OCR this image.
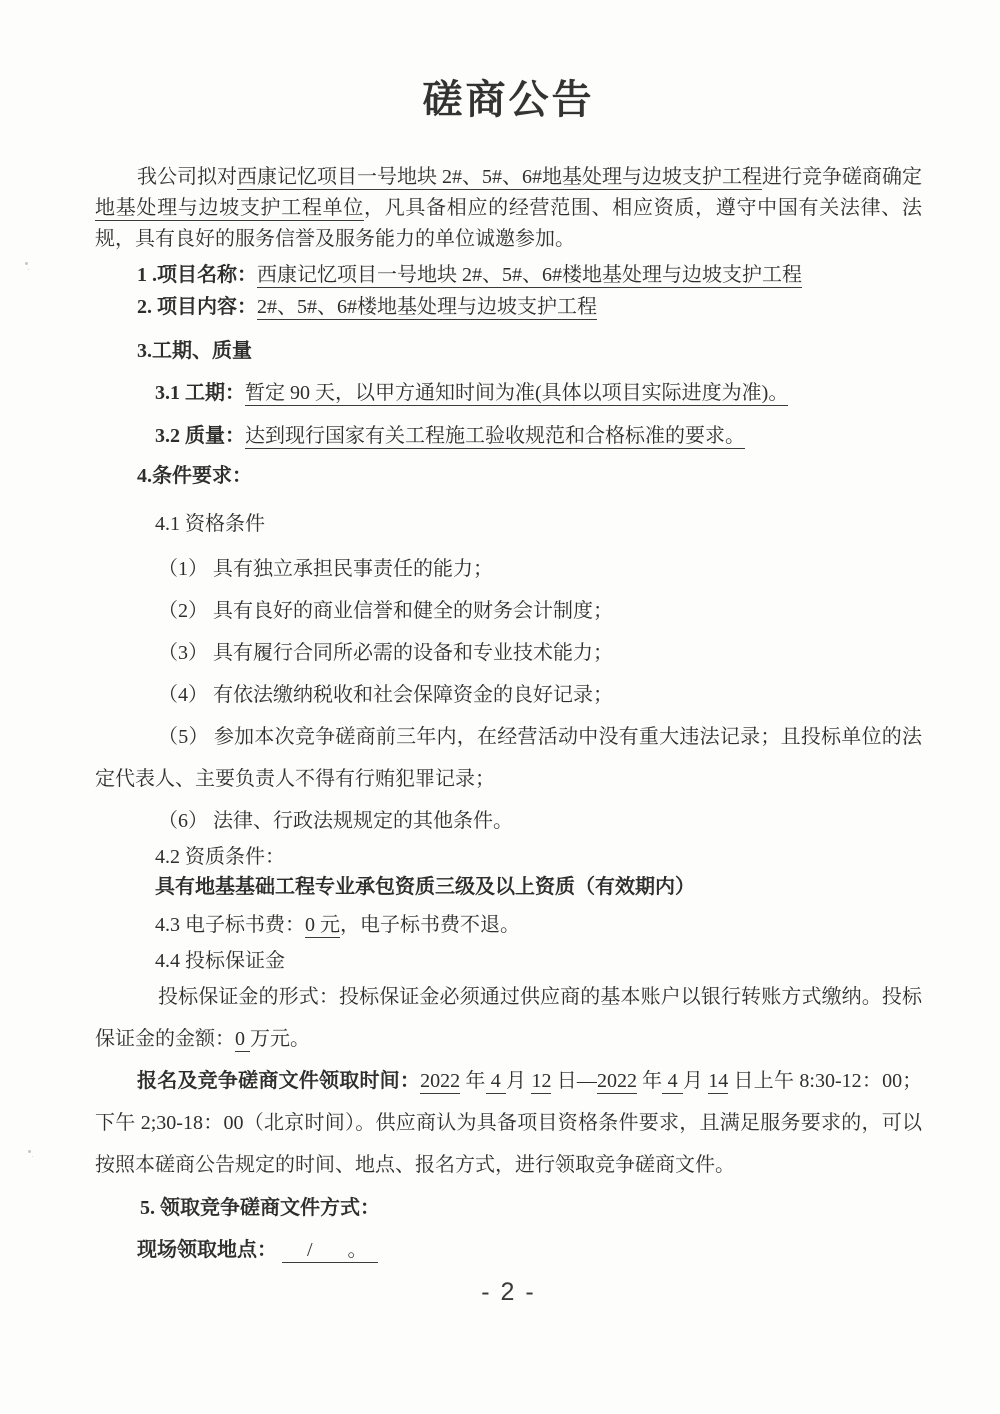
磋商公告

我公司拟对西康记忆项目一号地块 2#、5#、6#地基处理与边坡支护工程进行竞争磋商确定地基处理与边坡支护工程单位，凡具备相应的经营范围、相应资质，遵守中国有关法律、法规，具有良好的服务信誉及服务能力的单位诚邀参加。

1 .项目名称：西康记忆项目一号地块 2#、5#、6#楼地基处理与边坡支护工程
2. 项目内容：2#、5#、6#楼地基处理与边坡支护工程
3.工期、质量
3.1 工期：暂定 90 天，以甲方通知时间为准(具体以项目实际进度为准)。
3.2 质量：达到现行国家有关工程施工验收规范和合格标准的要求。
4.条件要求：
4.1 资格条件
（1） 具有独立承担民事责任的能力；
（2） 具有良好的商业信誉和健全的财务会计制度；
（3） 具有履行合同所必需的设备和专业技术能力；
（4） 有依法缴纳税收和社会保障资金的良好记录；
（5） 参加本次竞争磋商前三年内，在经营活动中没有重大违法记录；且投标单位的法定代表人、主要负责人不得有行贿犯罪记录；
（6） 法律、行政法规规定的其他条件。
4.2 资质条件：
具有地基基础工程专业承包资质三级及以上资质（有效期内）
4.3 电子标书费：0 元，电子标书费不退。
4.4 投标保证金

投标保证金的形式：投标保证金必须通过供应商的基本账户以银行转账方式缴纳。投标保证金的金额：0 万元。

报名及竞争磋商文件领取时间：2022 年 4 月 12 日—2022 年 4 月 14 日上午 8:30-12：00；下午 2;30-18：00（北京时间）。供应商认为具备项目资格条件要求，且满足服务要求的，可以按照本磋商公告规定的时间、地点、报名方式，进行领取竞争磋商文件。

5. 领取竞争磋商文件方式：
现场领取地点：      /       。
- 2 -
